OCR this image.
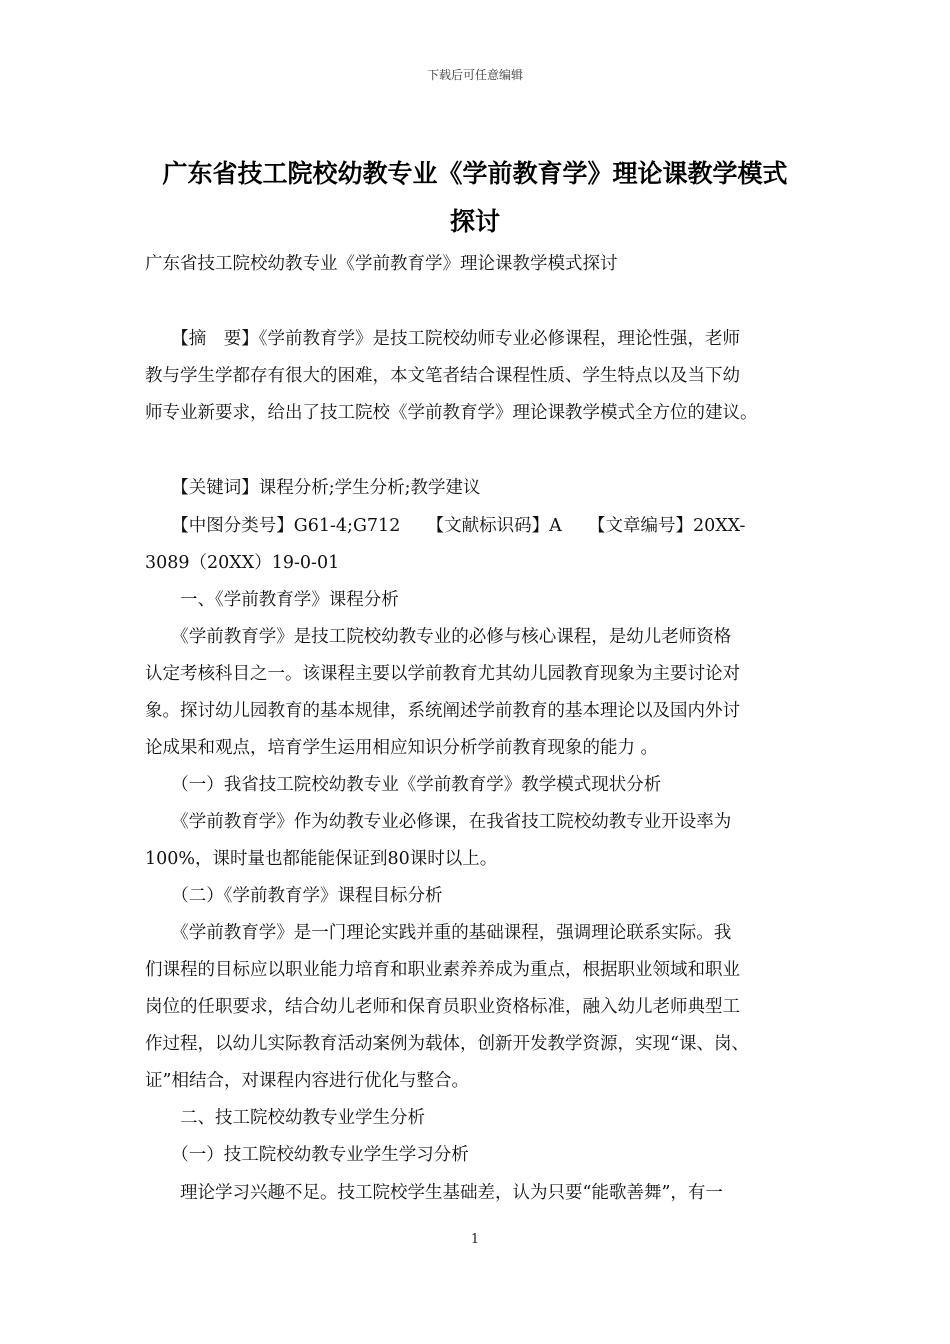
下载后可任意编辑
广东省技工院校幼教专业《学前教育学》理论课教学模式
探讨
广东省技工院校幼教专业《学前教育学》理论课教学模式探讨
　　【摘　要】《学前教育学》是技工院校幼师专业必修课程，理论性强，老师
教与学生学都存有很大的困难，本文笔者结合课程性质、学生特点以及当下幼
师专业新要求，给出了技工院校《学前教育学》理论课教学模式全方位的建议。
　　【关键词】课程分析;学生分析;教学建议
　　【中图分类号】G61-4;G712　　【文献标识码】A　　【文章编号】20XX-
3089（20XX）19-0-01
　　一、《学前教育学》课程分析
　　《学前教育学》是技工院校幼教专业的必修与核心课程，是幼儿老师资格
认定考核科目之一。该课程主要以学前教育尤其幼儿园教育现象为主要讨论对
象。探讨幼儿园教育的基本规律，系统阐述学前教育的基本理论以及国内外讨
论成果和观点，培育学生运用相应知识分析学前教育现象的能力 。
　　（一）我省技工院校幼教专业《学前教育学》教学模式现状分析
　　《学前教育学》作为幼教专业必修课，在我省技工院校幼教专业开设率为
100%，课时量也都能能保证到80课时以上。
　　（二）《学前教育学》课程目标分析
　　《学前教育学》是一门理论实践并重的基础课程，强调理论联系实际。我
们课程的目标应以职业能力培育和职业素养养成为重点，根据职业领域和职业
岗位的任职要求，结合幼儿老师和保育员职业资格标准，融入幼儿老师典型工
作过程，以幼儿实际教育活动案例为载体，创新开发教学资源，实现“课、岗、
证”相结合，对课程内容进行优化与整合。
　　二、技工院校幼教专业学生分析
　　（一）技工院校幼教专业学生学习分析
　　理论学习兴趣不足。技工院校学生基础差，认为只要“能歌善舞”，有一
1
